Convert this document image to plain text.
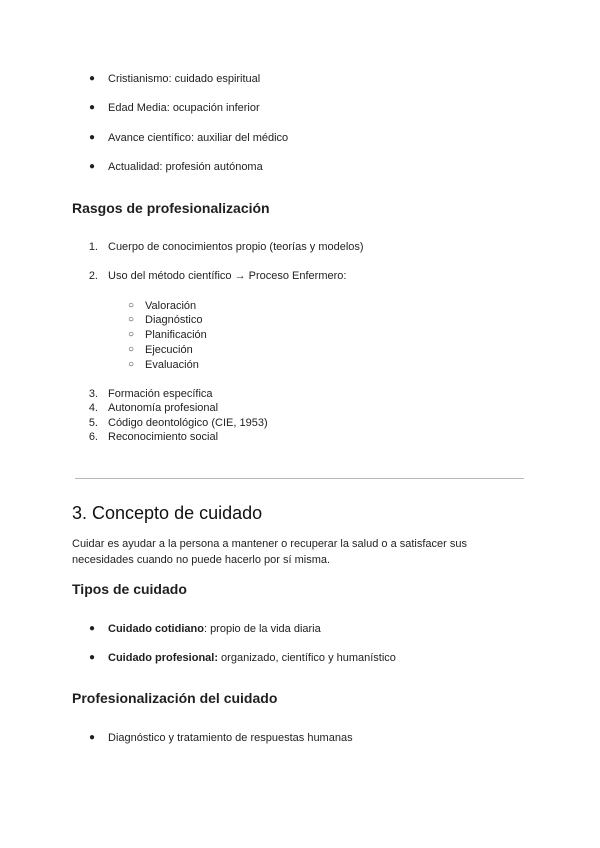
● Cristianismo: cuidado espiritual
● Edad Media: ocupación inferior
● Avance científico: auxiliar del médico
● Actualidad: profesión autónoma
Rasgos de profesionalización
1. Cuerpo de conocimientos propio (teorías y modelos)
2. Uso del método científico → Proceso Enfermero:
○ Valoración
○ Diagnóstico
○ Planificación
○ Ejecución
○ Evaluación
3. Formación específica
4. Autonomía profesional
5. Código deontológico (CIE, 1953)
6. Reconocimiento social
3. Concepto de cuidado
Cuidar es ayudar a la persona a mantener o recuperar la salud o a satisfacer sus
necesidades cuando no puede hacerlo por sí misma.
Tipos de cuidado
● Cuidado cotidiano: propio de la vida diaria
● Cuidado profesional: organizado, científico y humanístico
Profesionalización del cuidado
● Diagnóstico y tratamiento de respuestas humanas
